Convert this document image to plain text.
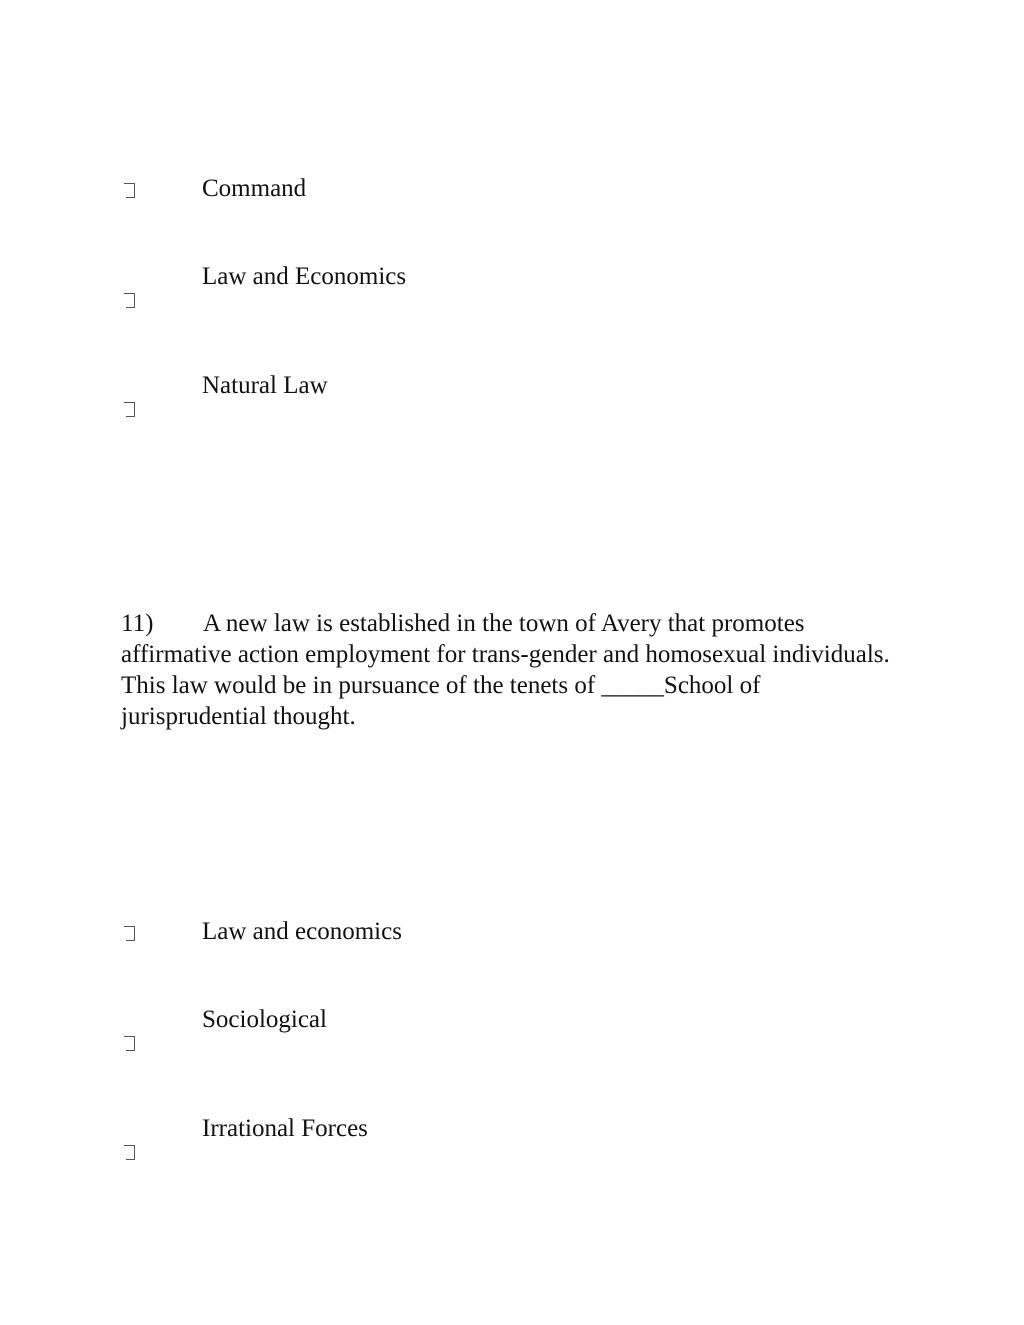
Command
Law and Economics
Natural Law
11) A new law is established in the town of Avery that promotes affirmative action employment for trans-gender and homosexual individuals. This law would be in pursuance of the tenets of _____School of jurisprudential thought.
Law and economics
Sociological
Irrational Forces
